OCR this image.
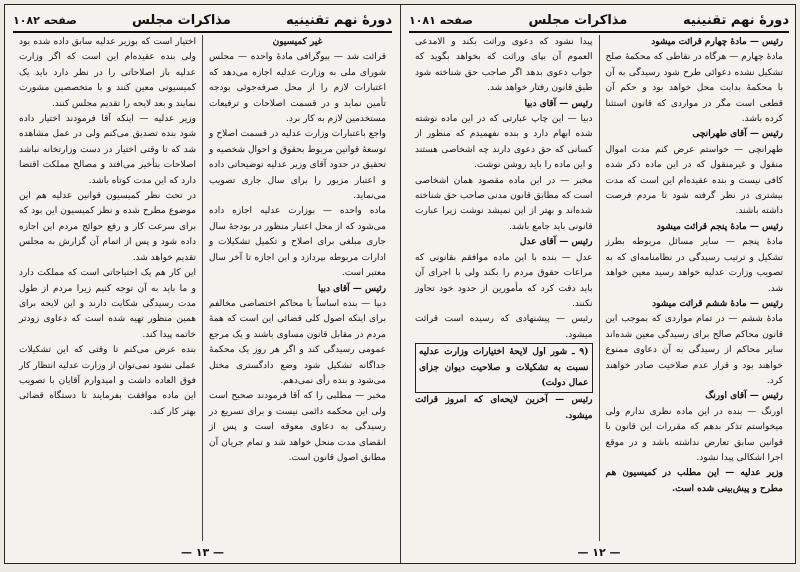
دورهٔ نهم تقنینیه
مذاکرات مجلس
صفحه ۱۰۸۲

غیر کمیسیون

قرائت شد — بیوگرافی مادهٔ واحده — مجلس شورای ملی به وزارت عدلیه اجازه می‌دهد که اعتبارات لازم را از محل صرفه‌جوئی بودجه تأمین نماید و در قسمت اصلاحات و ترفیعات مستخدمین لازم به کار برد.

واجع باعتبارات وزارت عدلیه در قسمت اصلاح و توسعهٔ قوانین مربوط بحقوق و احوال شخصیه و تحقیق در حدود آقای وزیر عدلیه توضیحاتی داده و اعتبار مزبور را برای سال جاری تصویب می‌نماید.

ماده واحده — بوزارت عدلیه اجازه داده می‌شود که از محل اعتبار منظور در بودجهٔ سال جاری مبلغی برای اصلاح و تکمیل تشکیلات و ادارات مربوطه بپردازد و این اجازه تا آخر سال معتبر است.

رئیس — آقای دبیا

دبیا — بنده اساساً با محاکم اختصاصی مخالفم برای اینکه اصول کلی قضائی این است که همهٔ مردم در مقابل قانون مساوی باشند و یک مرجع عمومی رسیدگی کند و اگر هر روز یک محکمهٔ جداگانه تشکیل شود وضع دادگستری مختل می‌شود و بنده رأی نمی‌دهم.

مخبر — مطلبی را که آقا فرمودند صحیح است ولی این محکمه دائمی نیست و برای تسریع در رسیدگی به دعاوی معوقه است و پس از انقضای مدت منحل خواهد شد و تمام جریان آن مطابق اصول قانون است.

اختیار است که بوزیر عدلیه سابق داده شده بود ولی بنده عقیده‌ام این است که اگر وزارت عدلیه باز اصلاحاتی را در نظر دارد باید یک کمیسیونی معین کنند و با متخصصین مشورت نمایند و بعد لایحه را تقدیم مجلس کنند.

وزیر عدلیه — اینکه آقا فرمودند اختیار داده شود بنده تصدیق می‌کنم ولی در عمل مشاهده شد که تا وقتی اختیار در دست وزارتخانه نباشد اصلاحات بتأخیر می‌افتد و مصالح مملکت اقتضا دارد که این مدت کوتاه باشد.

در تحت نظر کمیسیون قوانین عدلیه هم این موضوع مطرح شده و نظر کمیسیون این بود که برای سرعت کار و رفع حوائج مردم این اجازه داده شود و پس از اتمام آن گزارش به مجلس تقدیم خواهد شد.

این کار هم یک احتیاجاتی است که مملکت دارد و ما باید به آن توجه کنیم زیرا مردم از طول مدت رسیدگی شکایت دارند و این لایحه برای همین منظور تهیه شده است که دعاوی زودتر خاتمه پیدا کند.

بنده عرض می‌کنم تا وقتی که این تشکیلات عملی نشود نمی‌توان از وزارت عدلیه انتظار کار فوق العاده داشت و امیدوارم آقایان با تصویب این ماده موافقت بفرمایند تا دستگاه قضائی بهتر کار کند.

— ۱۳ —
دورهٔ نهم تقنینیه
مذاکرات مجلس
صفحه ۱۰۸۱

رئیس — مادهٔ چهارم قرائت میشود

مادهٔ چهارم — هرگاه در نقاطی که محکمهٔ صلح تشکیل نشده دعوائی طرح شود رسیدگی به آن با محکمهٔ بدایت محل خواهد بود و حکم آن قطعی است مگر در مواردی که قانون استثنا کرده باشد.

رئیس — آقای طهرانچی

طهرانچی — خواستم عرض کنم مدت اموال منقول و غیرمنقول که در این ماده ذکر شده کافی نیست و بنده عقیده‌ام این است که مدت بیشتری در نظر گرفته شود تا مردم فرصت داشته باشند.

رئیس — مادهٔ پنجم قرائت میشود

مادهٔ پنجم — سایر مسائل مربوطه بطرز تشکیل و ترتیب رسیدگی در نظامنامه‌ای که به تصویب وزارت عدلیه خواهد رسید معین خواهد شد.

رئیس — مادهٔ ششم قرائت میشود

مادهٔ ششم — در تمام مواردی که بموجب این قانون محاکم صالح برای رسیدگی معین شده‌اند سایر محاکم از رسیدگی به آن دعاوی ممنوع خواهند بود و قرار عدم صلاحیت صادر خواهند کرد.

رئیس — آقای اورنگ

اورنگ — بنده در این ماده نظری ندارم ولی میخواستم تذکر بدهم که مقررات این قانون با قوانین سابق تعارض نداشته باشد و در موقع اجرا اشکالی پیدا نشود.

وزیر عدلیه — این مطلب در کمیسیون هم مطرح و پیش‌بینی شده است.

پیدا نشود که دعوی وراثت بکند و الامدعی العموم آن بپای وراثت که بخواهد بگوید که جواب دعوی بدهد اگر صاحب حق شناخته شود طبق قانون رفتار خواهد شد.

رئیس — آقای دبیا

دبیا — این چاپ عبارتی که در این ماده نوشته شده ابهام دارد و بنده نفهمیدم که منظور از کسانی که حق دعوی دارند چه اشخاصی هستند و این ماده را باید روشن نوشت.

مخبر — در این ماده مقصود همان اشخاصی است که مطابق قانون مدنی صاحب حق شناخته شده‌اند و بهتر از این نمیشد نوشت زیرا عبارت قانونی باید جامع باشد.

رئیس — آقای عدل

عدل — بنده با این ماده موافقم بقانونی که مراعات حقوق مردم را بکند ولی با اجرای آن باید دقت کرد که مأمورین از حدود خود تجاوز نکنند.

رئیس — پیشنهادی که رسیده است قرائت میشود.

(۹ ـ شور اول لایحهٔ اختیارات وزارت عدلیه نسبت به تشکیلات و صلاحیت دیوان جزای عمال دولت)

رئیس — آخرین لایحه‌ای که امروز قرائت میشود.

— ۱۲ —
